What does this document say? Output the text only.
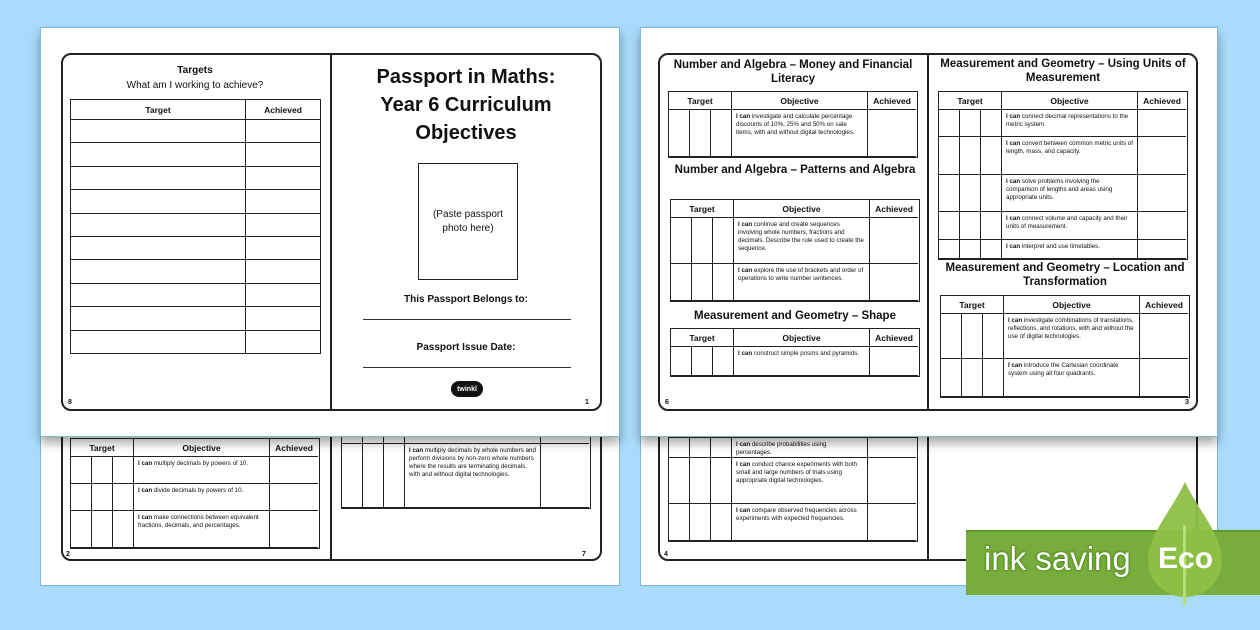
2	7	4
Targets
What am I working to achieve?
Target	Achieved
8
Passport in Maths:
Year 6 Curriculum
Objectives
(Paste passport photo here)
This Passport Belongs to:
Passport Issue Date:
twinkl
1	6	3
Number and Algebra – Money and Financial Literacy
Target	Objective	Achieved
I can investigate and calculate percentage discounts of 10%, 25% and 50% on sale items, with and without digital technologies.
Number and Algebra – Patterns and Algebra
Target	Objective	Achieved
I can continue and create sequences involving whole numbers, fractions and decimals. Describe the rule used to create the sequence.
I can explore the use of brackets and order of operations to write number sentences.
Measurement and Geometry – Shape
Target	Objective	Achieved
I can construct simple prisms and pyramids.
Measurement and Geometry – Using Units of Measurement
Target	Objective	Achieved
I can connect decimal representations to the metric system.
I can convert between common metric units of length, mass, and capacity.
I can solve problems involving the comparison of lengths and areas using appropriate units.
I can connect volume and capacity and their units of measurement.
I can interpret and use timetables.
Measurement and Geometry – Location and Transformation
Target	Objective	Achieved
I can investigate combinations of translations, reflections, and rotations, with and without the use of digital technologies.
I can introduce the Cartesian coordinate system using all four quadrants.
Target	Objective	Achieved
I can multiply decimals by powers of 10.
I can divide decimals by powers of 10.
I can make connections between equivalent fractions, decimals, and percentages.
I can multiply decimals by whole numbers and perform divisions by non-zero whole numbers where the results are terminating decimals, with and without digital technologies.
I can describe probabilities using percentages.
I can conduct chance experiments with both small and large numbers of trials using appropriate digital technologies.
I can compare observed frequencies across experiments with expected frequencies.
ink saving Eco
